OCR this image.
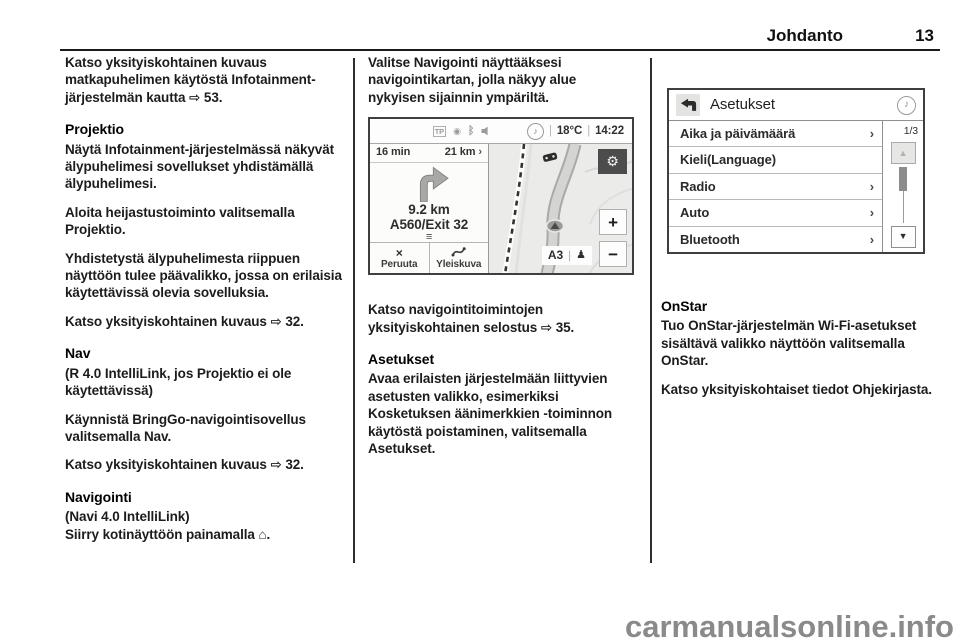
Johdanto	13

Katso yksityiskohtainen kuvaus matkapuhelimen käytöstä Infotainment-järjestelmän kautta ⇨ 53.

Projektio

Näytä Infotainment-järjestelmässä näkyvät älypuhelimesi sovellukset yhdistämällä älypuhelimesi.

Aloita heijastustoiminto valitsemalla Projektio.

Yhdistetystä älypuhelimesta riippuen näyttöön tulee päävalikko, jossa on erilaisia käytettävissä olevia sovelluksia.

Katso yksityiskohtainen kuvaus ⇨ 32.

Nav

(R 4.0 IntelliLink, jos Projektio ei ole käytettävissä)

Käynnistä BringGo-navigointisovellus valitsemalla Nav.

Katso yksityiskohtainen kuvaus ⇨ 32.

Navigointi

(Navi 4.0 IntelliLink)

Siirry kotinäyttöön painamalla ⌂.

Valitse Navigointi näyttääksesi navigointikartan, jolla näkyy alue nykyisen sijainnin ympäriltä.

TP ◉ ᛒ	♪ | 18°C | 14:22
16 min	21 km ›
9.2 km
A560/Exit 32
≡
×
Peruuta Yleiskuva
⚙
+
−
A3 | ♟

Katso navigointitoimintojen yksityiskohtainen selostus ⇨ 35.

Asetukset

Avaa erilaisten järjestelmään liittyvien asetusten valikko, esimerkiksi Kosketuksen äänimerkkien -toiminnon käytöstä poistaminen, valitsemalla Asetukset.

Asetukset	♪
Aika ja päivämäärä	›
Kieli(Language)
Radio	›
Auto	›
Bluetooth	›
1/3
▲
▼

OnStar

Tuo OnStar-järjestelmän Wi-Fi-asetukset sisältävä valikko näyttöön valitsemalla OnStar.

Katso yksityiskohtaiset tiedot Ohjekirjasta.

carmanualsonline.info
